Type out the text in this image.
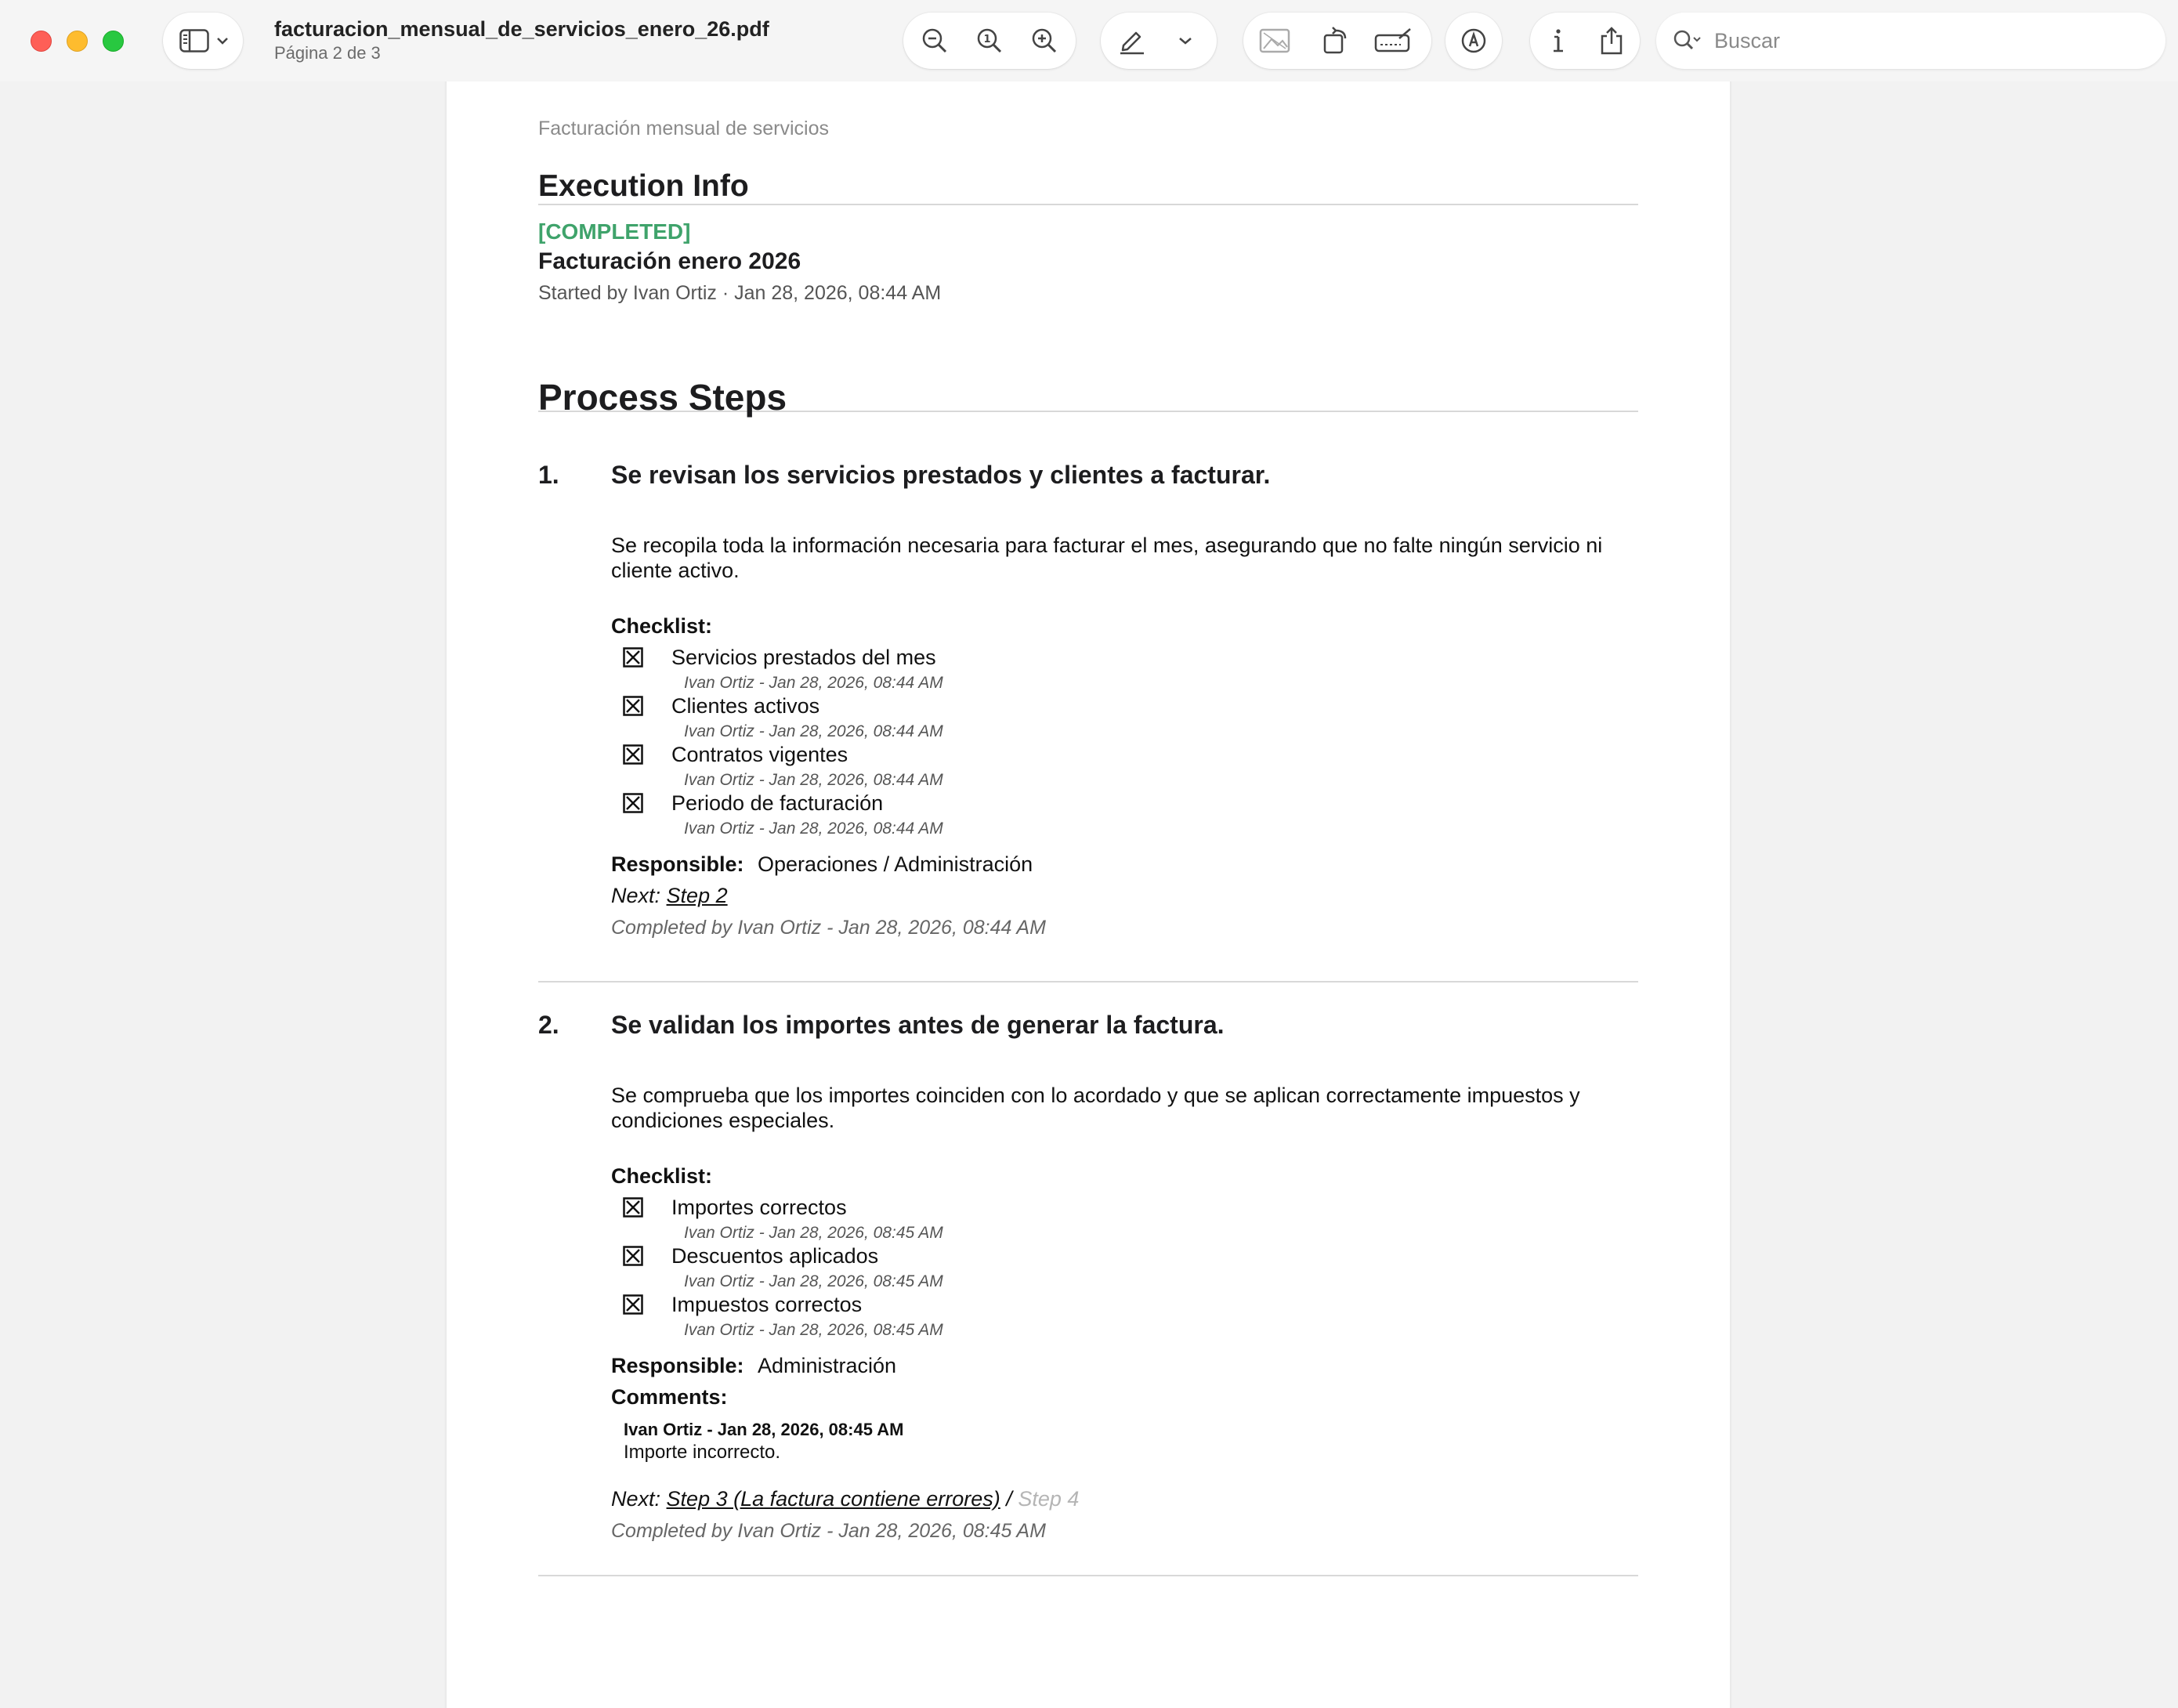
facturacion_mensual_de_servicios_enero_26.pdf
Página 2 de 3
1
Buscar
Facturación mensual de servicios
Execution Info
[COMPLETED]
Facturación enero 2026
Started by Ivan Ortiz · Jan 28, 2026, 08:44 AM
Process Steps
1. Se revisan los servicios prestados y clientes a facturar.
Se recopila toda la información necesaria para facturar el mes, asegurando que no falte ningún servicio ni cliente activo.
Checklist:
Servicios prestados del mes
Ivan Ortiz - Jan 28, 2026, 08:44 AM
Clientes activos
Ivan Ortiz - Jan 28, 2026, 08:44 AM
Contratos vigentes
Ivan Ortiz - Jan 28, 2026, 08:44 AM
Periodo de facturación
Ivan Ortiz - Jan 28, 2026, 08:44 AM
Responsible: Operaciones / Administración
Next: Step 2
Completed by Ivan Ortiz - Jan 28, 2026, 08:44 AM
2. Se validan los importes antes de generar la factura.
Se comprueba que los importes coinciden con lo acordado y que se aplican correctamente impuestos y condiciones especiales.
Checklist:
Importes correctos
Ivan Ortiz - Jan 28, 2026, 08:45 AM
Descuentos aplicados
Ivan Ortiz - Jan 28, 2026, 08:45 AM
Impuestos correctos
Ivan Ortiz - Jan 28, 2026, 08:45 AM
Responsible: Administración
Comments:
Ivan Ortiz - Jan 28, 2026, 08:45 AM
Importe incorrecto.
Next: Step 3 (La factura contiene errores) / Step 4
Completed by Ivan Ortiz - Jan 28, 2026, 08:45 AM
